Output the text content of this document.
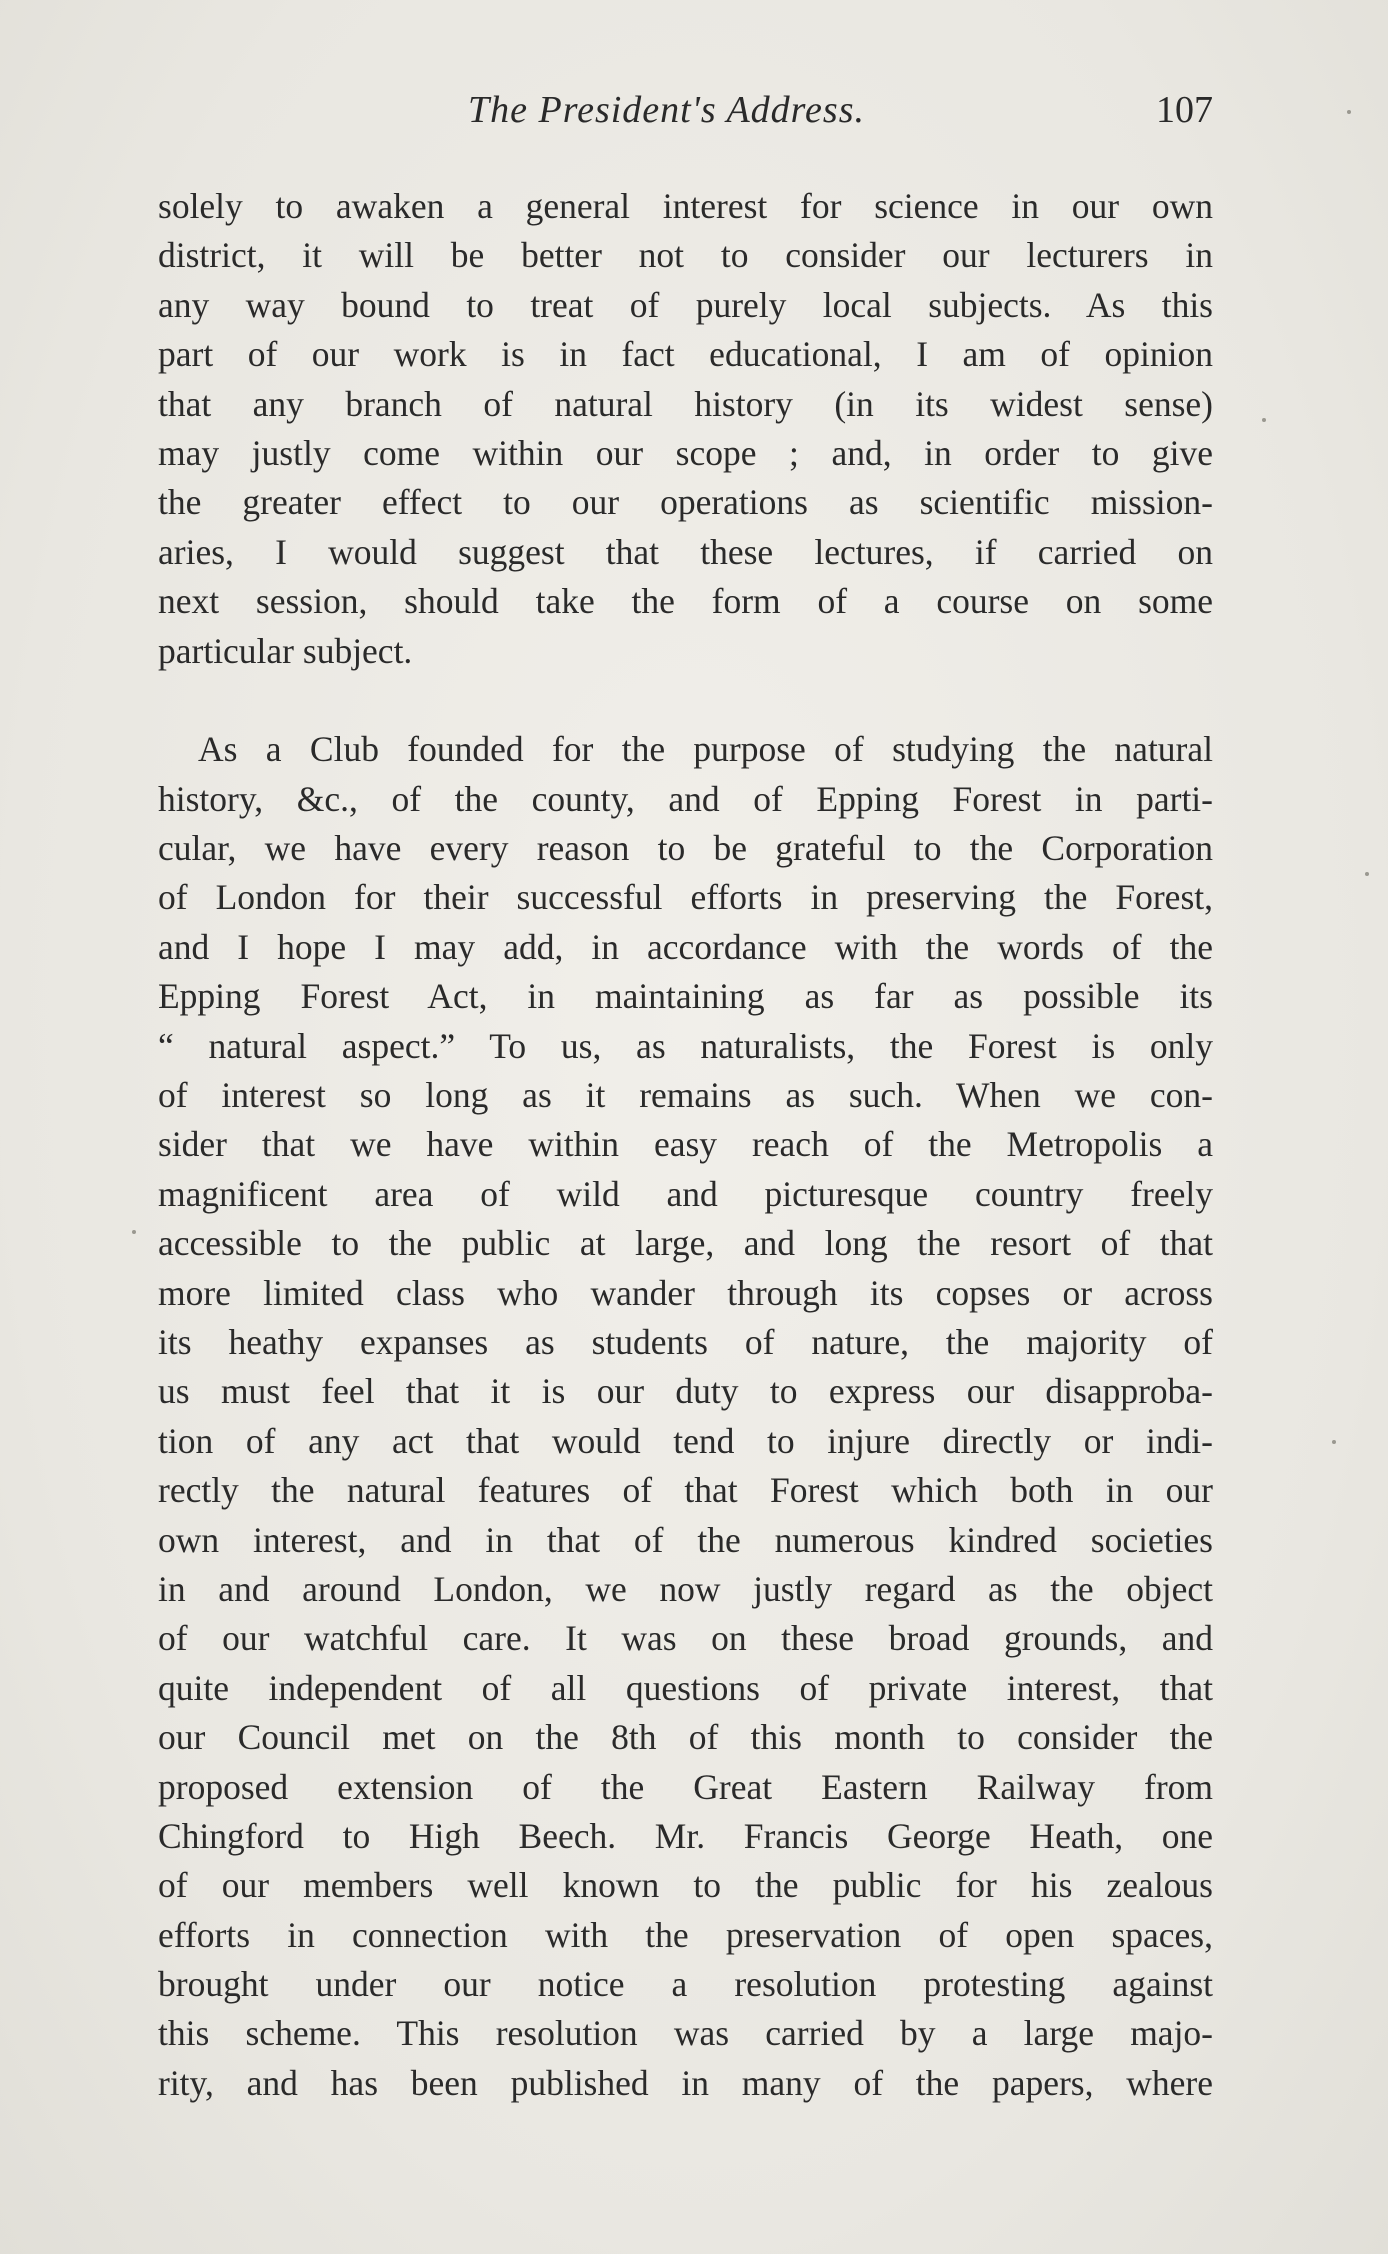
The President's Address.	107
solely to awaken a general interest for science in our own
district, it will be better not to consider our lecturers in
any way bound to treat of purely local subjects. As this
part of our work is in fact educational, I am of opinion
that any branch of natural history (in its widest sense)
may justly come within our scope ; and, in order to give
the greater effect to our operations as scientific mission-
aries, I would suggest that these lectures, if carried on
next session, should take the form of a course on some
particular subject.
As a Club founded for the purpose of studying the natural
history, &c., of the county, and of Epping Forest in parti-
cular, we have every reason to be grateful to the Corporation
of London for their successful efforts in preserving the Forest,
and I hope I may add, in accordance with the words of the
Epping Forest Act, in maintaining as far as possible its
“ natural aspect.” To us, as naturalists, the Forest is only
of interest so long as it remains as such. When we con-
sider that we have within easy reach of the Metropolis a
magnificent area of wild and picturesque country freely
accessible to the public at large, and long the resort of that
more limited class who wander through its copses or across
its heathy expanses as students of nature, the majority of
us must feel that it is our duty to express our disapproba-
tion of any act that would tend to injure directly or indi-
rectly the natural features of that Forest which both in our
own interest, and in that of the numerous kindred societies
in and around London, we now justly regard as the object
of our watchful care. It was on these broad grounds, and
quite independent of all questions of private interest, that
our Council met on the 8th of this month to consider the
proposed extension of the Great Eastern Railway from
Chingford to High Beech. Mr. Francis George Heath, one
of our members well known to the public for his zealous
efforts in connection with the preservation of open spaces,
brought under our notice a resolution protesting against
this scheme. This resolution was carried by a large majo-
rity, and has been published in many of the papers, where
